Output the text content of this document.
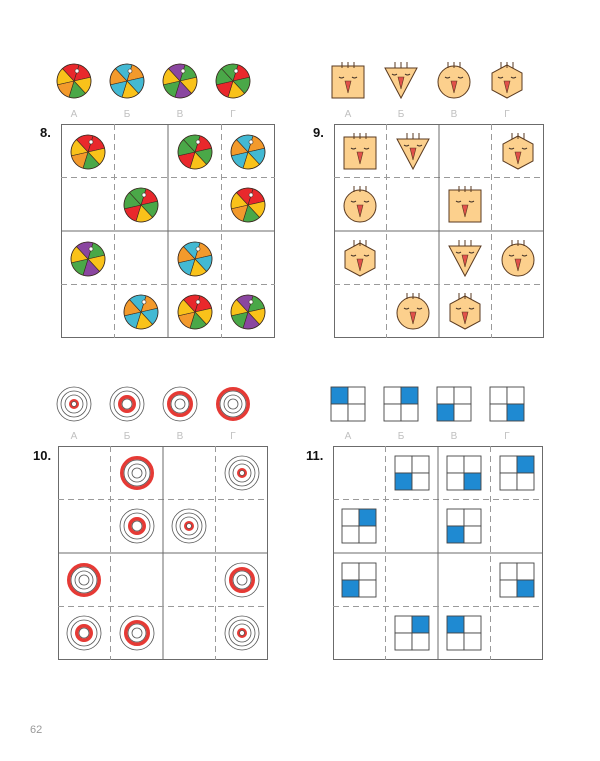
А	Б	В	Г
8.
А	Б	В	Г
9.
А	Б	В	Г
10.
А	Б	В	Г
11.
62
